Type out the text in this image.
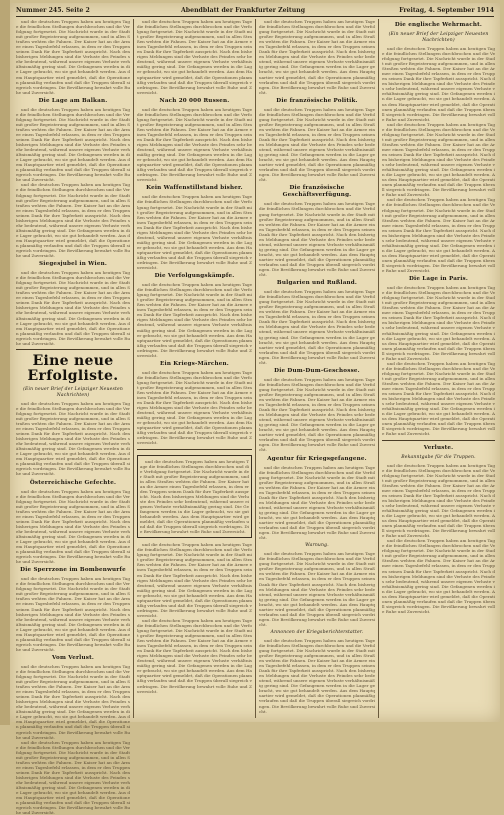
Nummer 245. Seite 2	Abendblatt der Frankfurter Zeitung	Freitag, 4. September 1914

und die deutschen Truppen haben am heutigen Tage die feindlichen Stellungen durchbrochen und die Verfolgung fortgesetzt. Die Nachricht wurde in der Stadt mit großer Begeisterung aufgenommen, und in allen Straßen wehten die Fahnen. Der Kaiser hat an die Armee einen Tagesbefehl erlassen, in dem er den Truppen seinen Dank für ihre Tapferkeit ausspricht. Nach den bisherigen Meldungen sind die Verluste des Feindes sehr bedeutend, während unsere eigenen Verluste verhältnismäßig gering sind. Die Gefangenen werden in die Lager gebracht, wo sie gut behandelt werden. Aus dem Hauptquartier wird gemeldet, daß die Operationen planmäßig verlaufen und daß die Truppen überall siegreich vordringen. Die Bevölkerung bewahrt volle Ruhe und Zuversicht.

Die Lage am Balkan.

und die deutschen Truppen haben am heutigen Tage die feindlichen Stellungen durchbrochen und die Verfolgung fortgesetzt. Die Nachricht wurde in der Stadt mit großer Begeisterung aufgenommen, und in allen Straßen wehten die Fahnen. Der Kaiser hat an die Armee einen Tagesbefehl erlassen, in dem er den Truppen seinen Dank für ihre Tapferkeit ausspricht. Nach den bisherigen Meldungen sind die Verluste des Feindes sehr bedeutend, während unsere eigenen Verluste verhältnismäßig gering sind. Die Gefangenen werden in die Lager gebracht, wo sie gut behandelt werden. Aus dem Hauptquartier wird gemeldet, daß die Operationen planmäßig verlaufen und daß die Truppen überall siegreich vordringen. Die Bevölkerung bewahrt volle Ruhe und Zuversicht.

und die deutschen Truppen haben am heutigen Tage die feindlichen Stellungen durchbrochen und die Verfolgung fortgesetzt. Die Nachricht wurde in der Stadt mit großer Begeisterung aufgenommen, und in allen Straßen wehten die Fahnen. Der Kaiser hat an die Armee einen Tagesbefehl erlassen, in dem er den Truppen seinen Dank für ihre Tapferkeit ausspricht. Nach den bisherigen Meldungen sind die Verluste des Feindes sehr bedeutend, während unsere eigenen Verluste verhältnismäßig gering sind. Die Gefangenen werden in die Lager gebracht, wo sie gut behandelt werden. Aus dem Hauptquartier wird gemeldet, daß die Operationen planmäßig verlaufen und daß die Truppen überall siegreich vordringen. Die Bevölkerung bewahrt volle Ruhe und Zuversicht.

Siegesjubel in Wien.

und die deutschen Truppen haben am heutigen Tage die feindlichen Stellungen durchbrochen und die Verfolgung fortgesetzt. Die Nachricht wurde in der Stadt mit großer Begeisterung aufgenommen, und in allen Straßen wehten die Fahnen. Der Kaiser hat an die Armee einen Tagesbefehl erlassen, in dem er den Truppen seinen Dank für ihre Tapferkeit ausspricht. Nach den bisherigen Meldungen sind die Verluste des Feindes sehr bedeutend, während unsere eigenen Verluste verhältnismäßig gering sind. Die Gefangenen werden in die Lager gebracht, wo sie gut behandelt werden. Aus dem Hauptquartier wird gemeldet, daß die Operationen planmäßig verlaufen und daß die Truppen überall siegreich vordringen. Die Bevölkerung bewahrt volle Ruhe und Zuversicht.

Eine neue Erfolgliste.
(Ein neuer Brief der Leipziger Neuesten Nachrichten)

und die deutschen Truppen haben am heutigen Tage die feindlichen Stellungen durchbrochen und die Verfolgung fortgesetzt. Die Nachricht wurde in der Stadt mit großer Begeisterung aufgenommen, und in allen Straßen wehten die Fahnen. Der Kaiser hat an die Armee einen Tagesbefehl erlassen, in dem er den Truppen seinen Dank für ihre Tapferkeit ausspricht. Nach den bisherigen Meldungen sind die Verluste des Feindes sehr bedeutend, während unsere eigenen Verluste verhältnismäßig gering sind. Die Gefangenen werden in die Lager gebracht, wo sie gut behandelt werden. Aus dem Hauptquartier wird gemeldet, daß die Operationen planmäßig verlaufen und daß die Truppen überall siegreich vordringen. Die Bevölkerung bewahrt volle Ruhe und Zuversicht.

Österreichische Gefechte.

und die deutschen Truppen haben am heutigen Tage die feindlichen Stellungen durchbrochen und die Verfolgung fortgesetzt. Die Nachricht wurde in der Stadt mit großer Begeisterung aufgenommen, und in allen Straßen wehten die Fahnen. Der Kaiser hat an die Armee einen Tagesbefehl erlassen, in dem er den Truppen seinen Dank für ihre Tapferkeit ausspricht. Nach den bisherigen Meldungen sind die Verluste des Feindes sehr bedeutend, während unsere eigenen Verluste verhältnismäßig gering sind. Die Gefangenen werden in die Lager gebracht, wo sie gut behandelt werden. Aus dem Hauptquartier wird gemeldet, daß die Operationen planmäßig verlaufen und daß die Truppen überall siegreich vordringen. Die Bevölkerung bewahrt volle Ruhe und Zuversicht.

Die Sperrzone im Bombenwurfe

und die deutschen Truppen haben am heutigen Tage die feindlichen Stellungen durchbrochen und die Verfolgung fortgesetzt. Die Nachricht wurde in der Stadt mit großer Begeisterung aufgenommen, und in allen Straßen wehten die Fahnen. Der Kaiser hat an die Armee einen Tagesbefehl erlassen, in dem er den Truppen seinen Dank für ihre Tapferkeit ausspricht. Nach den bisherigen Meldungen sind die Verluste des Feindes sehr bedeutend, während unsere eigenen Verluste verhältnismäßig gering sind. Die Gefangenen werden in die Lager gebracht, wo sie gut behandelt werden. Aus dem Hauptquartier wird gemeldet, daß die Operationen planmäßig verlaufen und daß die Truppen überall siegreich vordringen. Die Bevölkerung bewahrt volle Ruhe und Zuversicht.

Vom Verlust.

und die deutschen Truppen haben am heutigen Tage die feindlichen Stellungen durchbrochen und die Verfolgung fortgesetzt. Die Nachricht wurde in der Stadt mit großer Begeisterung aufgenommen, und in allen Straßen wehten die Fahnen. Der Kaiser hat an die Armee einen Tagesbefehl erlassen, in dem er den Truppen seinen Dank für ihre Tapferkeit ausspricht. Nach den bisherigen Meldungen sind die Verluste des Feindes sehr bedeutend, während unsere eigenen Verluste verhältnismäßig gering sind. Die Gefangenen werden in die Lager gebracht, wo sie gut behandelt werden. Aus dem Hauptquartier wird gemeldet, daß die Operationen planmäßig verlaufen und daß die Truppen überall siegreich vordringen. Die Bevölkerung bewahrt volle Ruhe und Zuversicht.

und die deutschen Truppen haben am heutigen Tage die feindlichen Stellungen durchbrochen und die Verfolgung fortgesetzt. Die Nachricht wurde in der Stadt mit großer Begeisterung aufgenommen, und in allen Straßen wehten die Fahnen. Der Kaiser hat an die Armee einen Tagesbefehl erlassen, in dem er den Truppen seinen Dank für ihre Tapferkeit ausspricht. Nach den bisherigen Meldungen sind die Verluste des Feindes sehr bedeutend, während unsere eigenen Verluste verhältnismäßig gering sind. Die Gefangenen werden in die Lager gebracht, wo sie gut behandelt werden. Aus dem Hauptquartier wird gemeldet, daß die Operationen planmäßig verlaufen und daß die Truppen überall siegreich vordringen. Die Bevölkerung bewahrt volle Ruhe und Zuversicht.

und die deutschen Truppen haben am heutigen Tage die feindlichen Stellungen durchbrochen und die Verfolgung fortgesetzt. Die Nachricht wurde in der Stadt mit großer Begeisterung aufgenommen, und in allen Straßen wehten die Fahnen. Der Kaiser hat an die Armee einen Tagesbefehl erlassen, in dem er den Truppen seinen Dank für ihre Tapferkeit ausspricht. Nach den bisherigen Meldungen sind die Verluste des Feindes sehr bedeutend, während unsere eigenen Verluste verhältnismäßig gering sind. Die Gefangenen werden in die Lager gebracht, wo sie gut behandelt werden. Aus dem Hauptquartier wird gemeldet, daß die Operationen planmäßig verlaufen und daß die Truppen überall siegreich vordringen. Die Bevölkerung bewahrt volle Ruhe und Zuversicht.

Nach 20 000 Russen.

und die deutschen Truppen haben am heutigen Tage die feindlichen Stellungen durchbrochen und die Verfolgung fortgesetzt. Die Nachricht wurde in der Stadt mit großer Begeisterung aufgenommen, und in allen Straßen wehten die Fahnen. Der Kaiser hat an die Armee einen Tagesbefehl erlassen, in dem er den Truppen seinen Dank für ihre Tapferkeit ausspricht. Nach den bisherigen Meldungen sind die Verluste des Feindes sehr bedeutend, während unsere eigenen Verluste verhältnismäßig gering sind. Die Gefangenen werden in die Lager gebracht, wo sie gut behandelt werden. Aus dem Hauptquartier wird gemeldet, daß die Operationen planmäßig verlaufen und daß die Truppen überall siegreich vordringen. Die Bevölkerung bewahrt volle Ruhe und Zuversicht.

Kein Waffenstillstand bisher.

und die deutschen Truppen haben am heutigen Tage die feindlichen Stellungen durchbrochen und die Verfolgung fortgesetzt. Die Nachricht wurde in der Stadt mit großer Begeisterung aufgenommen, und in allen Straßen wehten die Fahnen. Der Kaiser hat an die Armee einen Tagesbefehl erlassen, in dem er den Truppen seinen Dank für ihre Tapferkeit ausspricht. Nach den bisherigen Meldungen sind die Verluste des Feindes sehr bedeutend, während unsere eigenen Verluste verhältnismäßig gering sind. Die Gefangenen werden in die Lager gebracht, wo sie gut behandelt werden. Aus dem Hauptquartier wird gemeldet, daß die Operationen planmäßig verlaufen und daß die Truppen überall siegreich vordringen. Die Bevölkerung bewahrt volle Ruhe und Zuversicht.

Die Verfolgungskämpfe.

und die deutschen Truppen haben am heutigen Tage die feindlichen Stellungen durchbrochen und die Verfolgung fortgesetzt. Die Nachricht wurde in der Stadt mit großer Begeisterung aufgenommen, und in allen Straßen wehten die Fahnen. Der Kaiser hat an die Armee einen Tagesbefehl erlassen, in dem er den Truppen seinen Dank für ihre Tapferkeit ausspricht. Nach den bisherigen Meldungen sind die Verluste des Feindes sehr bedeutend, während unsere eigenen Verluste verhältnismäßig gering sind. Die Gefangenen werden in die Lager gebracht, wo sie gut behandelt werden. Aus dem Hauptquartier wird gemeldet, daß die Operationen planmäßig verlaufen und daß die Truppen überall siegreich vordringen. Die Bevölkerung bewahrt volle Ruhe und Zuversicht.

Ein Kriegs-Märchen.

und die deutschen Truppen haben am heutigen Tage die feindlichen Stellungen durchbrochen und die Verfolgung fortgesetzt. Die Nachricht wurde in der Stadt mit großer Begeisterung aufgenommen, und in allen Straßen wehten die Fahnen. Der Kaiser hat an die Armee einen Tagesbefehl erlassen, in dem er den Truppen seinen Dank für ihre Tapferkeit ausspricht. Nach den bisherigen Meldungen sind die Verluste des Feindes sehr bedeutend, während unsere eigenen Verluste verhältnismäßig gering sind. Die Gefangenen werden in die Lager gebracht, wo sie gut behandelt werden. Aus dem Hauptquartier wird gemeldet, daß die Operationen planmäßig verlaufen und daß die Truppen überall siegreich vordringen. Die Bevölkerung bewahrt volle Ruhe und Zuversicht.

und die deutschen Truppen haben am heutigen Tage die feindlichen Stellungen durchbrochen und die Verfolgung fortgesetzt. Die Nachricht wurde in der Stadt mit großer Begeisterung aufgenommen, und in allen Straßen wehten die Fahnen. Der Kaiser hat an die Armee einen Tagesbefehl erlassen, in dem er den Truppen seinen Dank für ihre Tapferkeit ausspricht. Nach den bisherigen Meldungen sind die Verluste des Feindes sehr bedeutend, während unsere eigenen Verluste verhältnismäßig gering sind. Die Gefangenen werden in die Lager gebracht, wo sie gut behandelt werden. Aus dem Hauptquartier wird gemeldet, daß die Operationen planmäßig verlaufen und daß die Truppen überall siegreich vordringen. Die Bevölkerung bewahrt volle Ruhe und Zuversicht.

und die deutschen Truppen haben am heutigen Tage die feindlichen Stellungen durchbrochen und die Verfolgung fortgesetzt. Die Nachricht wurde in der Stadt mit großer Begeisterung aufgenommen, und in allen Straßen wehten die Fahnen. Der Kaiser hat an die Armee einen Tagesbefehl erlassen, in dem er den Truppen seinen Dank für ihre Tapferkeit ausspricht. Nach den bisherigen Meldungen sind die Verluste des Feindes sehr bedeutend, während unsere eigenen Verluste verhältnismäßig gering sind. Die Gefangenen werden in die Lager gebracht, wo sie gut behandelt werden. Aus dem Hauptquartier wird gemeldet, daß die Operationen planmäßig verlaufen und daß die Truppen überall siegreich vordringen. Die Bevölkerung bewahrt volle Ruhe und Zuversicht.

und die deutschen Truppen haben am heutigen Tage die feindlichen Stellungen durchbrochen und die Verfolgung fortgesetzt. Die Nachricht wurde in der Stadt mit großer Begeisterung aufgenommen, und in allen Straßen wehten die Fahnen. Der Kaiser hat an die Armee einen Tagesbefehl erlassen, in dem er den Truppen seinen Dank für ihre Tapferkeit ausspricht. Nach den bisherigen Meldungen sind die Verluste des Feindes sehr bedeutend, während unsere eigenen Verluste verhältnismäßig gering sind. Die Gefangenen werden in die Lager gebracht, wo sie gut behandelt werden. Aus dem Hauptquartier wird gemeldet, daß die Operationen planmäßig verlaufen und daß die Truppen überall siegreich vordringen. Die Bevölkerung bewahrt volle Ruhe und Zuversicht.

und die deutschen Truppen haben am heutigen Tage die feindlichen Stellungen durchbrochen und die Verfolgung fortgesetzt. Die Nachricht wurde in der Stadt mit großer Begeisterung aufgenommen, und in allen Straßen wehten die Fahnen. Der Kaiser hat an die Armee einen Tagesbefehl erlassen, in dem er den Truppen seinen Dank für ihre Tapferkeit ausspricht. Nach den bisherigen Meldungen sind die Verluste des Feindes sehr bedeutend, während unsere eigenen Verluste verhältnismäßig gering sind. Die Gefangenen werden in die Lager gebracht, wo sie gut behandelt werden. Aus dem Hauptquartier wird gemeldet, daß die Operationen planmäßig verlaufen und daß die Truppen überall siegreich vordringen. Die Bevölkerung bewahrt volle Ruhe und Zuversicht.

Die französische Politik.

und die deutschen Truppen haben am heutigen Tage die feindlichen Stellungen durchbrochen und die Verfolgung fortgesetzt. Die Nachricht wurde in der Stadt mit großer Begeisterung aufgenommen, und in allen Straßen wehten die Fahnen. Der Kaiser hat an die Armee einen Tagesbefehl erlassen, in dem er den Truppen seinen Dank für ihre Tapferkeit ausspricht. Nach den bisherigen Meldungen sind die Verluste des Feindes sehr bedeutend, während unsere eigenen Verluste verhältnismäßig gering sind. Die Gefangenen werden in die Lager gebracht, wo sie gut behandelt werden. Aus dem Hauptquartier wird gemeldet, daß die Operationen planmäßig verlaufen und daß die Truppen überall siegreich vordringen. Die Bevölkerung bewahrt volle Ruhe und Zuversicht.

Die französische Geschäftsverfügung.

und die deutschen Truppen haben am heutigen Tage die feindlichen Stellungen durchbrochen und die Verfolgung fortgesetzt. Die Nachricht wurde in der Stadt mit großer Begeisterung aufgenommen, und in allen Straßen wehten die Fahnen. Der Kaiser hat an die Armee einen Tagesbefehl erlassen, in dem er den Truppen seinen Dank für ihre Tapferkeit ausspricht. Nach den bisherigen Meldungen sind die Verluste des Feindes sehr bedeutend, während unsere eigenen Verluste verhältnismäßig gering sind. Die Gefangenen werden in die Lager gebracht, wo sie gut behandelt werden. Aus dem Hauptquartier wird gemeldet, daß die Operationen planmäßig verlaufen und daß die Truppen überall siegreich vordringen. Die Bevölkerung bewahrt volle Ruhe und Zuversicht.

Bulgarien und Rußland.

und die deutschen Truppen haben am heutigen Tage die feindlichen Stellungen durchbrochen und die Verfolgung fortgesetzt. Die Nachricht wurde in der Stadt mit großer Begeisterung aufgenommen, und in allen Straßen wehten die Fahnen. Der Kaiser hat an die Armee einen Tagesbefehl erlassen, in dem er den Truppen seinen Dank für ihre Tapferkeit ausspricht. Nach den bisherigen Meldungen sind die Verluste des Feindes sehr bedeutend, während unsere eigenen Verluste verhältnismäßig gering sind. Die Gefangenen werden in die Lager gebracht, wo sie gut behandelt werden. Aus dem Hauptquartier wird gemeldet, daß die Operationen planmäßig verlaufen und daß die Truppen überall siegreich vordringen. Die Bevölkerung bewahrt volle Ruhe und Zuversicht.

Die Dum-Dum-Geschosse.

und die deutschen Truppen haben am heutigen Tage die feindlichen Stellungen durchbrochen und die Verfolgung fortgesetzt. Die Nachricht wurde in der Stadt mit großer Begeisterung aufgenommen, und in allen Straßen wehten die Fahnen. Der Kaiser hat an die Armee einen Tagesbefehl erlassen, in dem er den Truppen seinen Dank für ihre Tapferkeit ausspricht. Nach den bisherigen Meldungen sind die Verluste des Feindes sehr bedeutend, während unsere eigenen Verluste verhältnismäßig gering sind. Die Gefangenen werden in die Lager gebracht, wo sie gut behandelt werden. Aus dem Hauptquartier wird gemeldet, daß die Operationen planmäßig verlaufen und daß die Truppen überall siegreich vordringen. Die Bevölkerung bewahrt volle Ruhe und Zuversicht.

Agentur für Kriegsgefangene.

und die deutschen Truppen haben am heutigen Tage die feindlichen Stellungen durchbrochen und die Verfolgung fortgesetzt. Die Nachricht wurde in der Stadt mit großer Begeisterung aufgenommen, und in allen Straßen wehten die Fahnen. Der Kaiser hat an die Armee einen Tagesbefehl erlassen, in dem er den Truppen seinen Dank für ihre Tapferkeit ausspricht. Nach den bisherigen Meldungen sind die Verluste des Feindes sehr bedeutend, während unsere eigenen Verluste verhältnismäßig gering sind. Die Gefangenen werden in die Lager gebracht, wo sie gut behandelt werden. Aus dem Hauptquartier wird gemeldet, daß die Operationen planmäßig verlaufen und daß die Truppen überall siegreich vordringen. Die Bevölkerung bewahrt volle Ruhe und Zuversicht.

Warnung.

und die deutschen Truppen haben am heutigen Tage die feindlichen Stellungen durchbrochen und die Verfolgung fortgesetzt. Die Nachricht wurde in der Stadt mit großer Begeisterung aufgenommen, und in allen Straßen wehten die Fahnen. Der Kaiser hat an die Armee einen Tagesbefehl erlassen, in dem er den Truppen seinen Dank für ihre Tapferkeit ausspricht. Nach den bisherigen Meldungen sind die Verluste des Feindes sehr bedeutend, während unsere eigenen Verluste verhältnismäßig gering sind. Die Gefangenen werden in die Lager gebracht, wo sie gut behandelt werden. Aus dem Hauptquartier wird gemeldet, daß die Operationen planmäßig verlaufen und daß die Truppen überall siegreich vordringen. Die Bevölkerung bewahrt volle Ruhe und Zuversicht.

Annoncen der Kriegsberichterstatter.

und die deutschen Truppen haben am heutigen Tage die feindlichen Stellungen durchbrochen und die Verfolgung fortgesetzt. Die Nachricht wurde in der Stadt mit großer Begeisterung aufgenommen, und in allen Straßen wehten die Fahnen. Der Kaiser hat an die Armee einen Tagesbefehl erlassen, in dem er den Truppen seinen Dank für ihre Tapferkeit ausspricht. Nach den bisherigen Meldungen sind die Verluste des Feindes sehr bedeutend, während unsere eigenen Verluste verhältnismäßig gering sind. Die Gefangenen werden in die Lager gebracht, wo sie gut behandelt werden. Aus dem Hauptquartier wird gemeldet, daß die Operationen planmäßig verlaufen und daß die Truppen überall siegreich vordringen. Die Bevölkerung bewahrt volle Ruhe und Zuversicht.

Die englische Wehrmacht.
(Ein neuer Brief der Leipziger Neuesten Nachrichten)

und die deutschen Truppen haben am heutigen Tage die feindlichen Stellungen durchbrochen und die Verfolgung fortgesetzt. Die Nachricht wurde in der Stadt mit großer Begeisterung aufgenommen, und in allen Straßen wehten die Fahnen. Der Kaiser hat an die Armee einen Tagesbefehl erlassen, in dem er den Truppen seinen Dank für ihre Tapferkeit ausspricht. Nach den bisherigen Meldungen sind die Verluste des Feindes sehr bedeutend, während unsere eigenen Verluste verhältnismäßig gering sind. Die Gefangenen werden in die Lager gebracht, wo sie gut behandelt werden. Aus dem Hauptquartier wird gemeldet, daß die Operationen planmäßig verlaufen und daß die Truppen überall siegreich vordringen. Die Bevölkerung bewahrt volle Ruhe und Zuversicht.

und die deutschen Truppen haben am heutigen Tage die feindlichen Stellungen durchbrochen und die Verfolgung fortgesetzt. Die Nachricht wurde in der Stadt mit großer Begeisterung aufgenommen, und in allen Straßen wehten die Fahnen. Der Kaiser hat an die Armee einen Tagesbefehl erlassen, in dem er den Truppen seinen Dank für ihre Tapferkeit ausspricht. Nach den bisherigen Meldungen sind die Verluste des Feindes sehr bedeutend, während unsere eigenen Verluste verhältnismäßig gering sind. Die Gefangenen werden in die Lager gebracht, wo sie gut behandelt werden. Aus dem Hauptquartier wird gemeldet, daß die Operationen planmäßig verlaufen und daß die Truppen überall siegreich vordringen. Die Bevölkerung bewahrt volle Ruhe und Zuversicht.

und die deutschen Truppen haben am heutigen Tage die feindlichen Stellungen durchbrochen und die Verfolgung fortgesetzt. Die Nachricht wurde in der Stadt mit großer Begeisterung aufgenommen, und in allen Straßen wehten die Fahnen. Der Kaiser hat an die Armee einen Tagesbefehl erlassen, in dem er den Truppen seinen Dank für ihre Tapferkeit ausspricht. Nach den bisherigen Meldungen sind die Verluste des Feindes sehr bedeutend, während unsere eigenen Verluste verhältnismäßig gering sind. Die Gefangenen werden in die Lager gebracht, wo sie gut behandelt werden. Aus dem Hauptquartier wird gemeldet, daß die Operationen planmäßig verlaufen und daß die Truppen überall siegreich vordringen. Die Bevölkerung bewahrt volle Ruhe und Zuversicht.

Die Lage in Paris.

und die deutschen Truppen haben am heutigen Tage die feindlichen Stellungen durchbrochen und die Verfolgung fortgesetzt. Die Nachricht wurde in der Stadt mit großer Begeisterung aufgenommen, und in allen Straßen wehten die Fahnen. Der Kaiser hat an die Armee einen Tagesbefehl erlassen, in dem er den Truppen seinen Dank für ihre Tapferkeit ausspricht. Nach den bisherigen Meldungen sind die Verluste des Feindes sehr bedeutend, während unsere eigenen Verluste verhältnismäßig gering sind. Die Gefangenen werden in die Lager gebracht, wo sie gut behandelt werden. Aus dem Hauptquartier wird gemeldet, daß die Operationen planmäßig verlaufen und daß die Truppen überall siegreich vordringen. Die Bevölkerung bewahrt volle Ruhe und Zuversicht.

und die deutschen Truppen haben am heutigen Tage die feindlichen Stellungen durchbrochen und die Verfolgung fortgesetzt. Die Nachricht wurde in der Stadt mit großer Begeisterung aufgenommen, und in allen Straßen wehten die Fahnen. Der Kaiser hat an die Armee einen Tagesbefehl erlassen, in dem er den Truppen seinen Dank für ihre Tapferkeit ausspricht. Nach den bisherigen Meldungen sind die Verluste des Feindes sehr bedeutend, während unsere eigenen Verluste verhältnismäßig gering sind. Die Gefangenen werden in die Lager gebracht, wo sie gut behandelt werden. Aus dem Hauptquartier wird gemeldet, daß die Operationen planmäßig verlaufen und daß die Truppen überall siegreich vordringen. Die Bevölkerung bewahrt volle Ruhe und Zuversicht.

Verluste.
Bekanntgabe für die Truppen.

und die deutschen Truppen haben am heutigen Tage die feindlichen Stellungen durchbrochen und die Verfolgung fortgesetzt. Die Nachricht wurde in der Stadt mit großer Begeisterung aufgenommen, und in allen Straßen wehten die Fahnen. Der Kaiser hat an die Armee einen Tagesbefehl erlassen, in dem er den Truppen seinen Dank für ihre Tapferkeit ausspricht. Nach den bisherigen Meldungen sind die Verluste des Feindes sehr bedeutend, während unsere eigenen Verluste verhältnismäßig gering sind. Die Gefangenen werden in die Lager gebracht, wo sie gut behandelt werden. Aus dem Hauptquartier wird gemeldet, daß die Operationen planmäßig verlaufen und daß die Truppen überall siegreich vordringen. Die Bevölkerung bewahrt volle Ruhe und Zuversicht.

und die deutschen Truppen haben am heutigen Tage die feindlichen Stellungen durchbrochen und die Verfolgung fortgesetzt. Die Nachricht wurde in der Stadt mit großer Begeisterung aufgenommen, und in allen Straßen wehten die Fahnen. Der Kaiser hat an die Armee einen Tagesbefehl erlassen, in dem er den Truppen seinen Dank für ihre Tapferkeit ausspricht. Nach den bisherigen Meldungen sind die Verluste des Feindes sehr bedeutend, während unsere eigenen Verluste verhältnismäßig gering sind. Die Gefangenen werden in die Lager gebracht, wo sie gut behandelt werden. Aus dem Hauptquartier wird gemeldet, daß die Operationen planmäßig verlaufen und daß die Truppen überall siegreich vordringen. Die Bevölkerung bewahrt volle Ruhe und Zuversicht.
